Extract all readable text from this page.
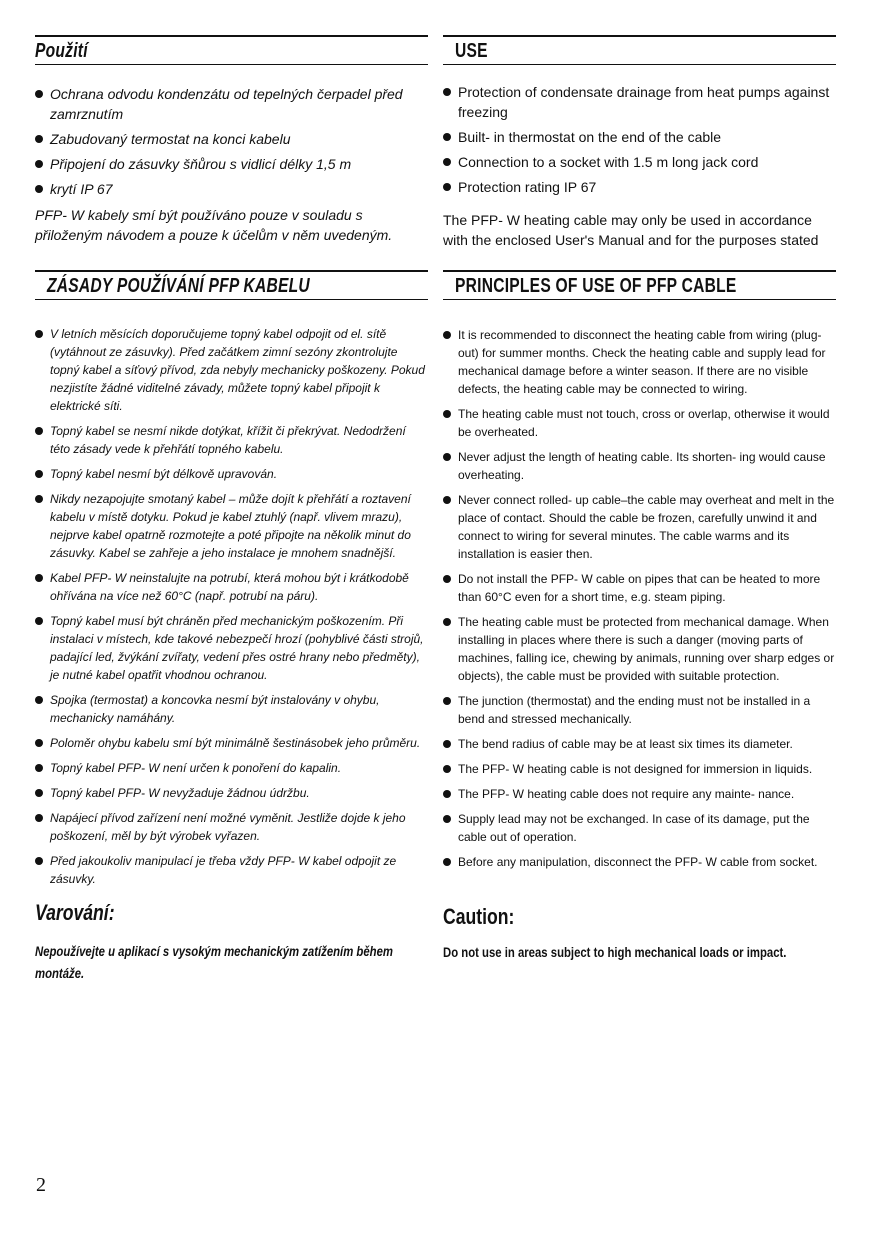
Použití
Ochrana odvodu kondenzátu od tepelných čerpadel před zamrznutím
Zabudovaný termostat na konci kabelu
Připojení do zásuvky šňůrou s vidlicí délky 1,5 m
krytí IP 67
PFP- W kabely smí být používáno pouze v souladu s přiloženým návodem a pouze k účelům v něm uvedeným.
ZÁSADY POUŽÍVÁNÍ PFP KABELU
V letních měsících doporučujeme topný kabel odpojit od el. sítě (vytáhnout ze zásuvky). Před začátkem zimní sezóny zkontrolujte topný kabel a síťový přívod, zda nebyly mechanicky poškozeny. Pokud nezjistíte žádné viditelné závady, můžete topný kabel připojit k elektrické síti.
Topný kabel se nesmí nikde dotýkat, křížit či překrývat. Nedodržení této zásady vede k přehřátí topného kabelu.
Topný kabel nesmí být délkově upravován.
Nikdy nezapojujte smotaný kabel – může dojít k přehřátí a roztavení kabelu v místě dotyku. Pokud je kabel ztuhlý (např. vlivem mrazu), nejprve kabel opatrně rozmotejte a poté připojte na několik minut do zásuvky. Kabel se zahřeje a jeho instalace je mnohem snadnější.
Kabel PFP- W neinstalujte na potrubí, která mohou být i krátkodobě ohřívána na více než 60°C (např. potrubí na páru).
Topný kabel musí být chráněn před mechanickým poškozením. Při instalaci v místech, kde takové nebezpečí hrozí (pohyblivé části strojů, padající led, žvýkání zvířaty, vedení přes ostré hrany nebo předměty), je nutné kabel opatřit vhodnou ochranou.
Spojka (termostat) a koncovka nesmí být instalovány v ohybu, mechanicky namáhány.
Poloměr ohybu kabelu smí být minimálně šestinásobek jeho průměru.
Topný kabel PFP- W není určen k ponoření do kapalin.
Topný kabel PFP- W nevyžaduje žádnou údržbu.
Napájecí přívod zařízení není možné vyměnit. Jestliže dojde k jeho poškození, měl by být výrobek vyřazen.
Před jakoukoliv manipulací je třeba vždy PFP- W kabel odpojit ze zásuvky.
Varování:
Nepoužívejte u aplikací s vysokým mechanickým zatížením během montáže.
USE
Protection of condensate drainage from heat pumps against freezing
Built- in thermostat on the end of the cable
Connection to a socket with 1.5 m long jack cord
Protection rating IP 67
The PFP- W heating cable may only be used in accordance with the enclosed User's Manual and for the purposes stated
PRINCIPLES OF USE OF PFP CABLE
It is recommended to disconnect the heating cable from wiring (plug- out) for summer months. Check the heating cable and supply lead for mechanical damage before a winter season. If there are no visible defects, the heating cable may be connected to wiring.
The heating cable must not touch, cross or overlap, otherwise it would be overheated.
Never adjust the length of heating cable. Its shorten- ing would cause overheating.
Never connect rolled- up cable–the cable may overheat and melt in the place of contact. Should the cable be frozen, carefully unwind it and connect to wiring for several minutes. The cable warms and its installation is easier then.
Do not install the PFP- W cable on pipes that can be heated to more than 60°C even for a short time, e.g. steam piping.
The heating cable must be protected from mechanical damage. When installing in places where there is such a danger (moving parts of machines, falling ice, chewing by animals, running over sharp edges or objects), the cable must be provided with suitable protection.
The junction (thermostat) and the ending must not be installed in a bend and stressed mechanically.
The bend radius of cable may be at least six times its diameter.
The PFP- W heating cable is not designed for immersion in liquids.
The PFP- W heating cable does not require any mainte- nance.
Supply lead may not be exchanged. In case of its damage, put the cable out of operation.
Before any manipulation, disconnect the PFP- W cable from socket.
Caution:
Do not use in areas subject to high mechanical loads or impact.
2
